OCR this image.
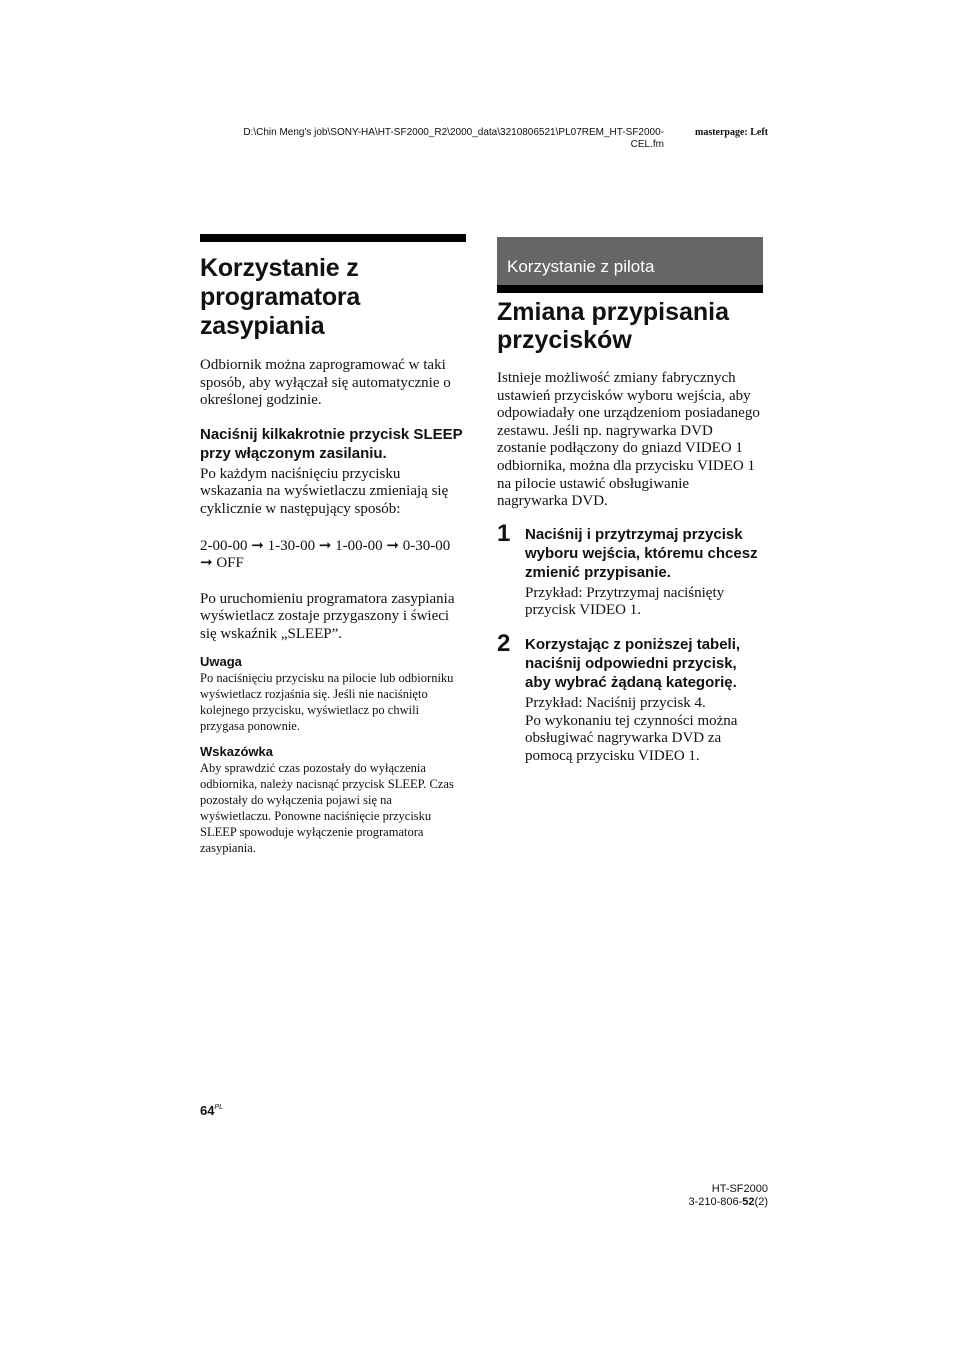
D:\Chin Meng's job\SONY-HA\HT-SF2000_R2\2000_data\3210806521\PL07REM_HT-SF2000-
CEL.fm
masterpage: Left
Korzystanie z
programatora
zasypiania

Odbiornik można zaprogramować w taki sposób, aby wyłączał się automatycznie o określonej godzinie.

Naciśnij kilkakrotnie przycisk SLEEP przy włączonym zasilaniu.

Po każdym naciśnięciu przycisku wskazania na wyświetlaczu zmieniają się cyklicznie w następujący sposób:

2-00-00 ➞ 1-30-00 ➞ 1-00-00 ➞ 0-30-00
➞ OFF

Po uruchomieniu programatora zasypiania wyświetlacz zostaje przygaszony i świeci się wskaźnik „SLEEP”.

Uwaga

Po naciśnięciu przycisku na pilocie lub odbiorniku wyświetlacz rozjaśnia się. Jeśli nie naciśnięto kolejnego przycisku, wyświetlacz po chwili przygasa ponownie.

Wskazówka

Aby sprawdzić czas pozostały do wyłączenia odbiornika, należy nacisnąć przycisk SLEEP. Czas pozostały do wyłączenia pojawi się na wyświetlaczu. Ponowne naciśnięcie przycisku SLEEP spowoduje wyłączenie programatora zasypiania.

Korzystanie z pilota
Zmiana przypisania
przycisków

Istnieje możliwość zmiany fabrycznych ustawień przycisków wyboru wejścia, aby odpowiadały one urządzeniom posiadanego zestawu. Jeśli np. nagrywarka DVD zostanie podłączony do gniazd VIDEO 1 odbiornika, można dla przycisku VIDEO 1 na pilocie ustawić obsługiwanie nagrywarka DVD.

1 Naciśnij i przytrzymaj przycisk wyboru wejścia, któremu chcesz zmienić przypisanie.

Przykład: Przytrzymaj naciśnięty przycisk VIDEO 1.

2 Korzystając z poniższej tabeli, naciśnij odpowiedni przycisk, aby wybrać żądaną kategorię.

Przykład: Naciśnij przycisk 4.

Po wykonaniu tej czynności można obsługiwać nagrywarka DVD za pomocą przycisku VIDEO 1.

$64^{PL}$
HT-SF2000
3-210-806-52(2)
